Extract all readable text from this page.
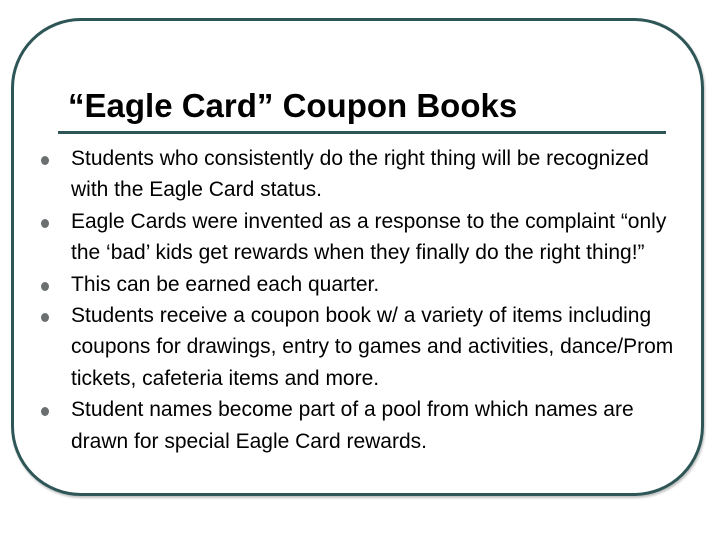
“Eagle Card” Coupon Books
Students who consistently do the right thing will be recognized with the Eagle Card status.
Eagle Cards were invented as a response to the complaint “only the ‘bad’ kids get rewards when they finally do the right thing!”
This can be earned each quarter.
Students receive a coupon book w/ a variety of items including coupons for drawings, entry to games and activities, dance/Prom tickets, cafeteria items and more.
Student names become part of a pool from which names are drawn for special Eagle Card rewards.
